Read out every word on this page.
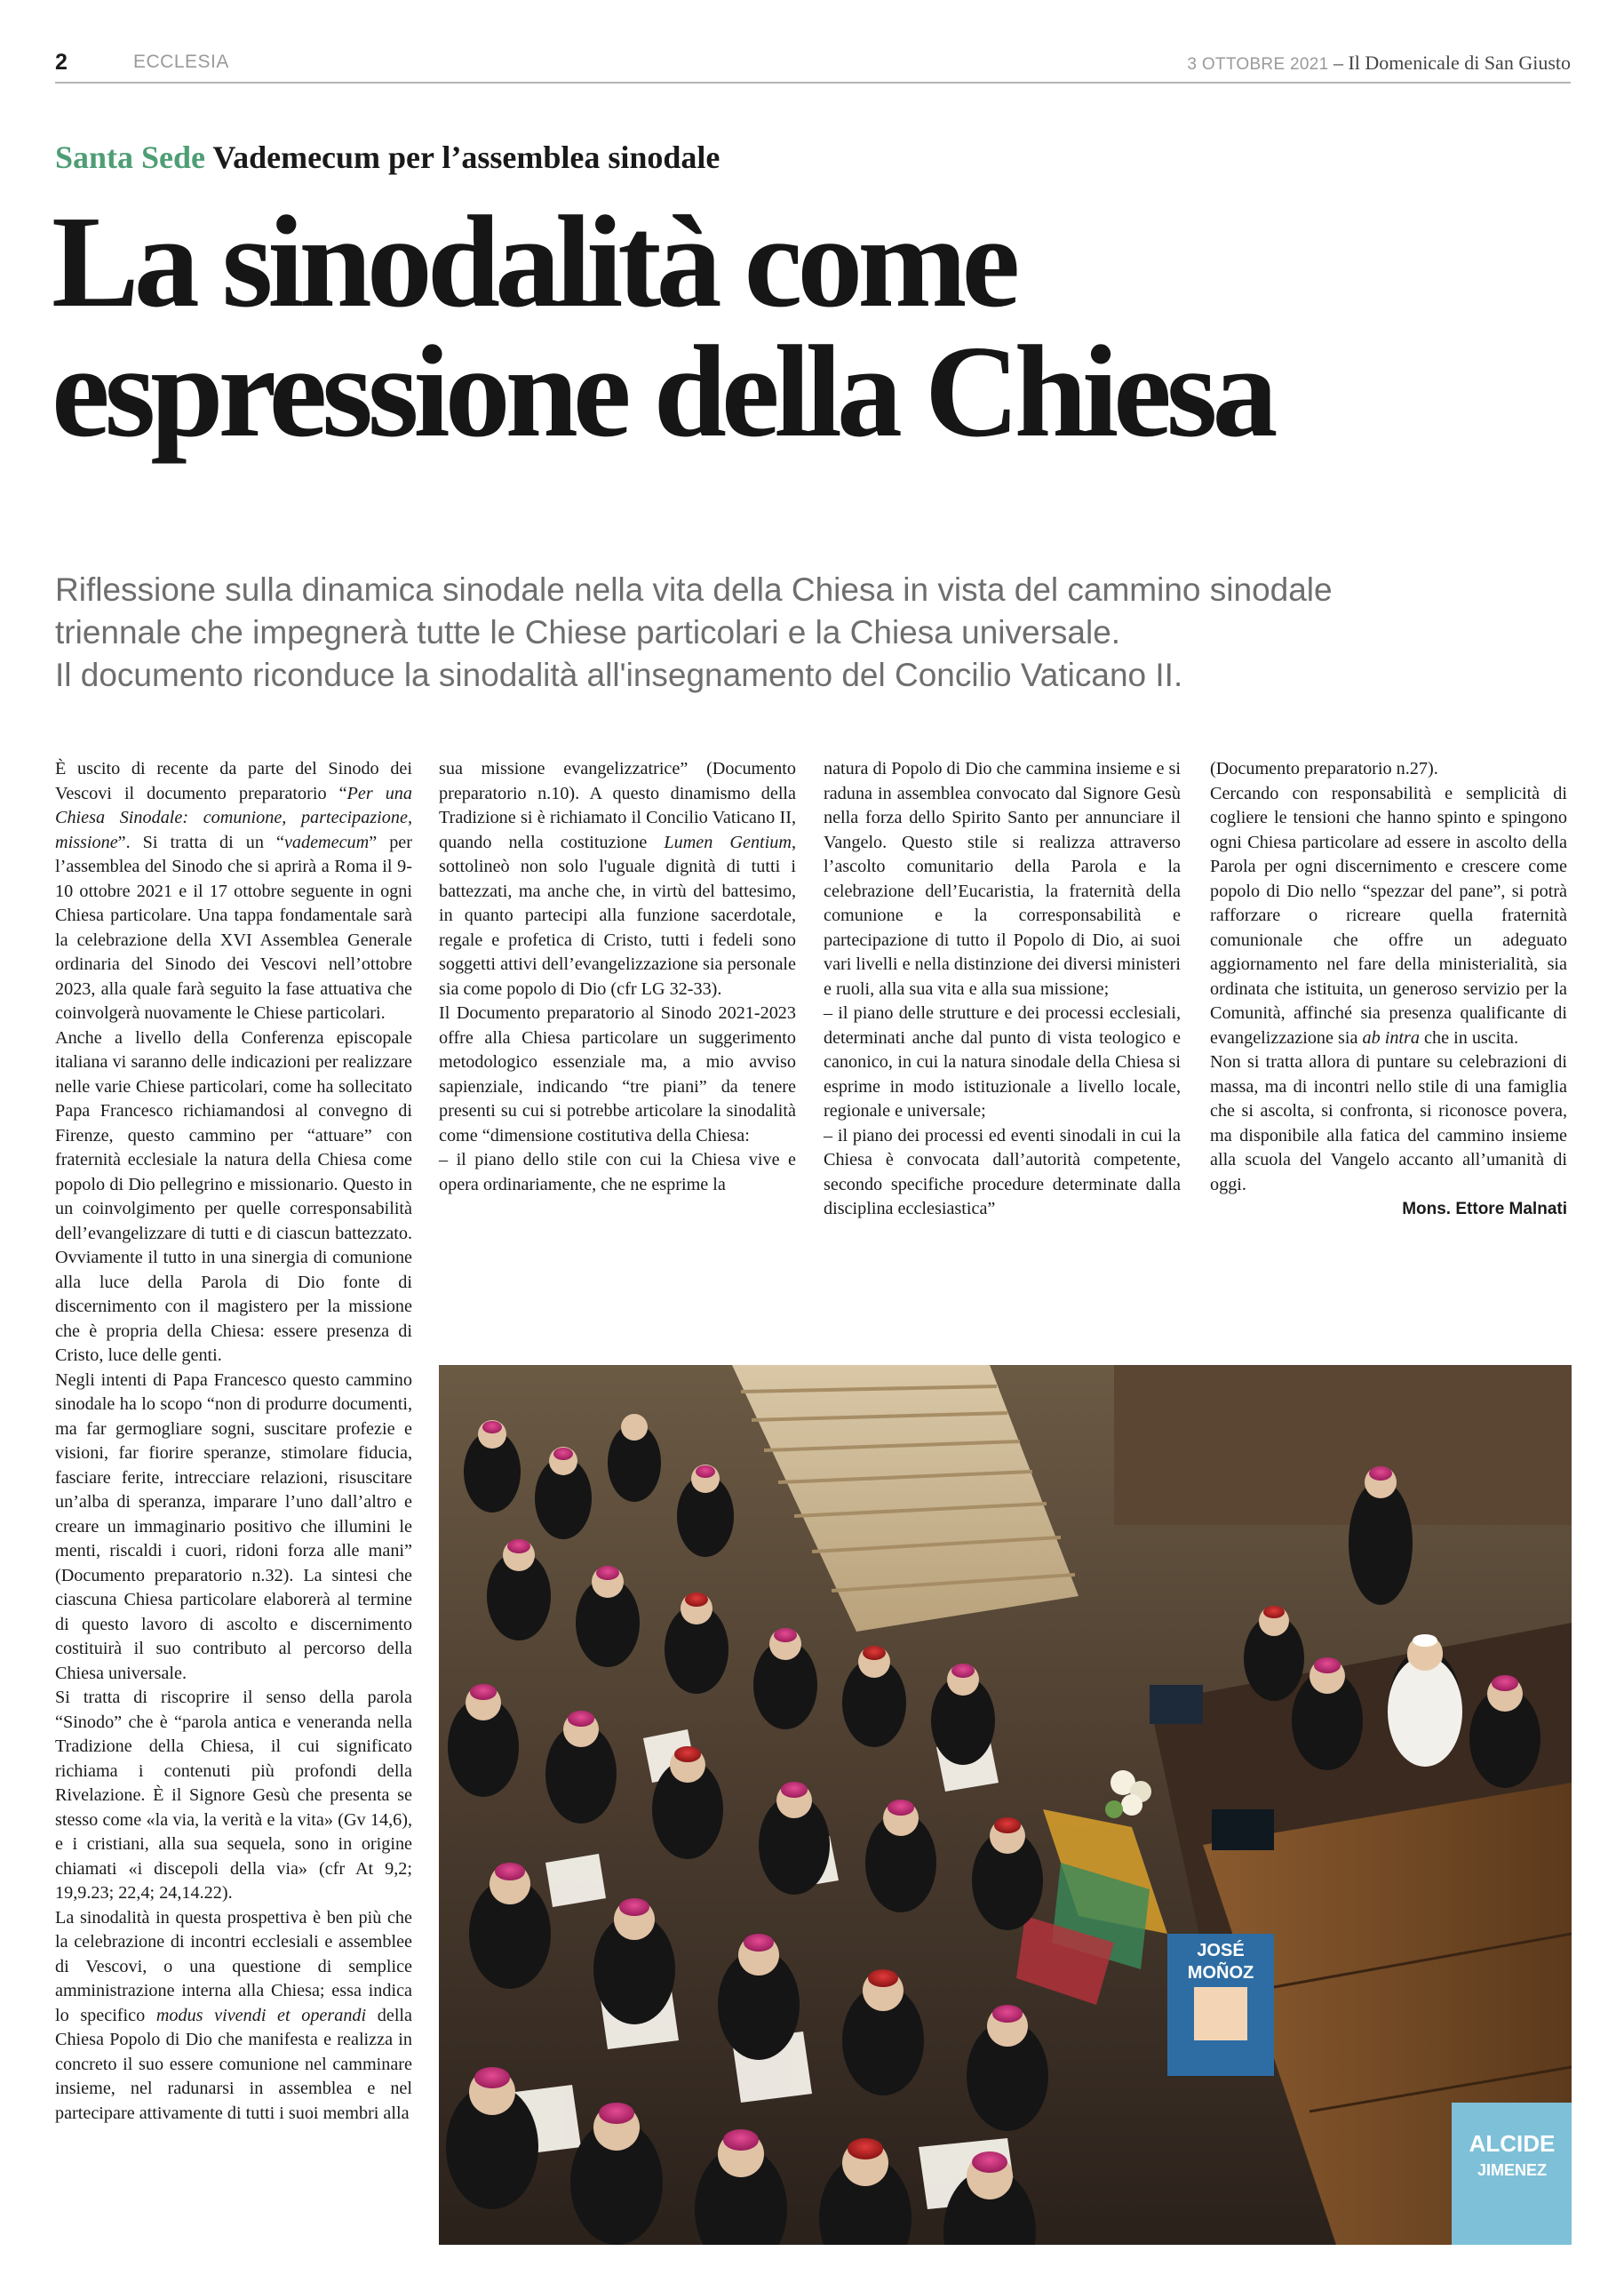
2	ECCLESIA	3 OTTOBRE 2021 – Il Domenicale di San Giusto
Santa Sede Vademecum per l’assemblea sinodale
La sinodalità come
espressione della Chiesa
Riflessione sulla dinamica sinodale nella vita della Chiesa in vista del cammino sinodale
triennale che impegnerà tutte le Chiese particolari e la Chiesa universale.
Il documento riconduce la sinodalità all'insegnamento del Concilio Vaticano II.

È uscito di recente da parte del Sinodo dei Vescovi il documento preparatorio “Per una Chiesa Sinodale: comunione, partecipazione, missione”. Si tratta di un “vademecum” per l’assemblea del Sinodo che si aprirà a Roma il 9-10 ottobre 2021 e il 17 ottobre seguente in ogni Chiesa particolare. Una tappa fondamentale sarà la celebrazione della XVI Assemblea Generale ordinaria del Sinodo dei Vescovi nell’ottobre 2023, alla quale farà seguito la fase attuativa che coinvolgerà nuovamente le Chiese particolari.

Anche a livello della Conferenza episcopale italiana vi saranno delle indicazioni per realizzare nelle varie Chiese particolari, come ha sollecitato Papa Francesco richiamandosi al convegno di Firenze, questo cammino per “attuare” con fraternità ecclesiale la natura della Chiesa come popolo di Dio pellegrino e missionario. Questo in un coinvolgimento per quelle corresponsabilità dell’evangelizzare di tutti e di ciascun battezzato. Ovviamente il tutto in una sinergia di comunione alla luce della Parola di Dio fonte di discernimento con il magistero per la missione che è propria della Chiesa: essere presenza di Cristo, luce delle genti.

Negli intenti di Papa Francesco questo cammino sinodale ha lo scopo “non di produrre documenti, ma far germogliare sogni, suscitare profezie e visioni, far fiorire speranze, stimolare fiducia, fasciare ferite, intrecciare relazioni, risuscitare un’alba di speranza, imparare l’uno dall’altro e creare un immaginario positivo che illumini le menti, riscaldi i cuori, ridoni forza alle mani” (Documento preparatorio n.32). La sintesi che ciascuna Chiesa particolare elaborerà al termine di questo lavoro di ascolto e discernimento costituirà il suo contributo al percorso della Chiesa universale.

Si tratta di riscoprire il senso della parola “Sinodo” che è “parola antica e veneranda nella Tradizione della Chiesa, il cui significato richiama i contenuti più profondi della Rivelazione. È il Signore Gesù che presenta se stesso come «la via, la verità e la vita» (Gv 14,6), e i cristiani, alla sua sequela, sono in origine chiamati «i discepoli della via» (cfr At 9,2; 19,9.23; 22,4; 24,14.22).

La sinodalità in questa prospettiva è ben più che la celebrazione di incontri ecclesiali e assemblee di Vescovi, o una questione di semplice amministrazione interna alla Chiesa; essa indica lo specifico modus vivendi et operandi della Chiesa Popolo di Dio che manifesta e realizza in concreto il suo essere comunione nel camminare insieme, nel radunarsi in assemblea e nel partecipare attivamente di tutti i suoi membri alla

sua missione evangelizzatrice” (Documento preparatorio n.10). A questo dinamismo della Tradizione si è richiamato il Concilio Vaticano II, quando nella costituzione Lumen Gentium, sottolineò non solo l'uguale dignità di tutti i battezzati, ma anche che, in virtù del battesimo, in quanto partecipi alla funzione sacerdotale, regale e profetica di Cristo, tutti i fedeli sono soggetti attivi dell’evangelizzazione sia personale sia come popolo di Dio (cfr LG 32-33).

Il Documento preparatorio al Sinodo 2021-2023 offre alla Chiesa particolare un suggerimento metodologico essenziale ma, a mio avviso sapienziale, indicando “tre piani” da tenere presenti su cui si potrebbe articolare la sinodalità come “dimensione costitutiva della Chiesa:

– il piano dello stile con cui la Chiesa vive e opera ordinariamente, che ne esprime la

natura di Popolo di Dio che cammina insieme e si raduna in assemblea convocato dal Signore Gesù nella forza dello Spirito Santo per annunciare il Vangelo. Questo stile si realizza attraverso l’ascolto comunitario della Parola e la celebrazione dell’Eucaristia, la fraternità della comunione e la corresponsabilità e partecipazione di tutto il Popolo di Dio, ai suoi vari livelli e nella distinzione dei diversi ministeri e ruoli, alla sua vita e alla sua missione;

– il piano delle strutture e dei processi ecclesiali, determinati anche dal punto di vista teologico e canonico, in cui la natura sinodale della Chiesa si esprime in modo istituzionale a livello locale, regionale e universale;

– il piano dei processi ed eventi sinodali in cui la Chiesa è convocata dall’autorità competente, secondo specifiche procedure determinate dalla disciplina ecclesiastica”

(Documento preparatorio n.27).

Cercando con responsabilità e semplicità di cogliere le tensioni che hanno spinto e spingono ogni Chiesa particolare ad essere in ascolto della Parola per ogni discernimento e crescere come popolo di Dio nello “spezzar del pane”, si potrà rafforzare o ricreare quella fraternità comunionale che offre un adeguato aggiornamento nel fare della ministerialità, sia ordinata che istituita, un generoso servizio per la Comunità, affinché sia presenza qualificante di evangelizzazione sia ab intra che in uscita.

Non si tratta allora di puntare su celebrazioni di massa, ma di incontri nello stile di una famiglia che si ascolta, si confronta, si riconosce povera, ma disponibile alla fatica del cammino insieme alla scuola del Vangelo accanto all’umanità di oggi.

Mons. Ettore Malnati

JOSÉ
MOÑOZ
ALCIDE
JIMENEZ
